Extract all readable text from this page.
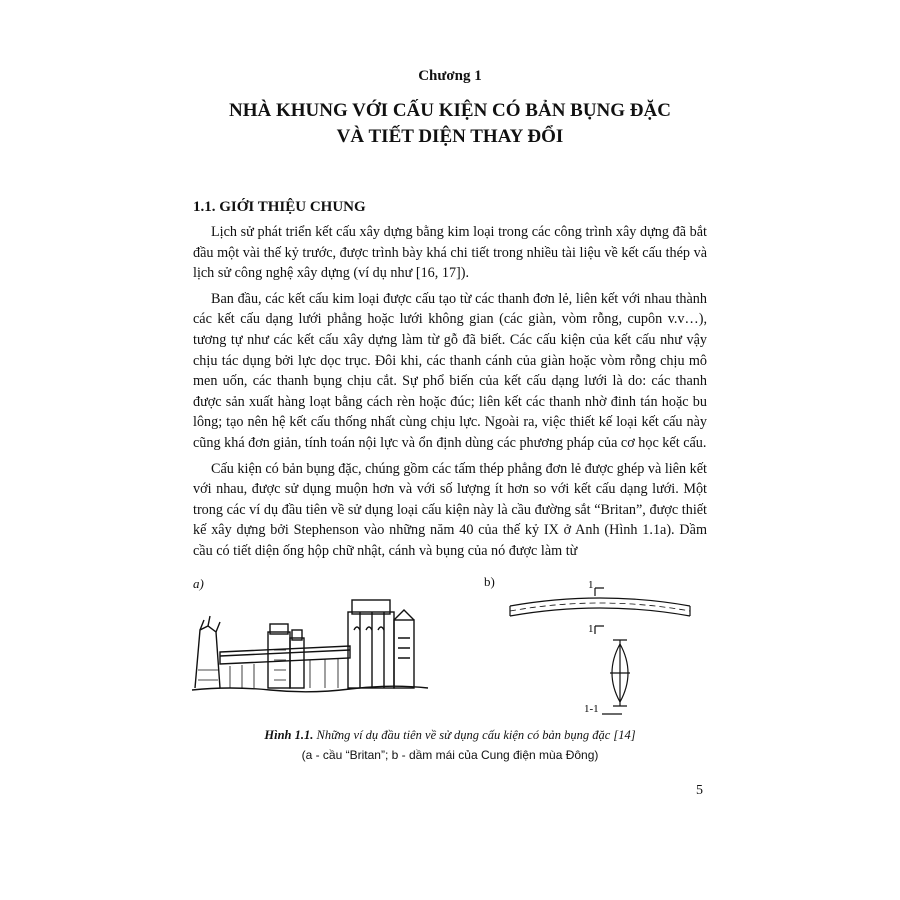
Chương 1
NHÀ KHUNG VỚI CẤU KIỆN CÓ BẢN BỤNG ĐẶC
VÀ TIẾT DIỆN THAY ĐỔI
1.1. GIỚI THIỆU CHUNG

Lịch sử phát triển kết cấu xây dựng bằng kim loại trong các công trình xây dựng đã bắt đầu một vài thế kỷ trước, được trình bày khá chi tiết trong nhiều tài liệu về kết cấu thép và lịch sử công nghệ xây dựng (ví dụ như [16, 17]).

Ban đầu, các kết cấu kim loại được cấu tạo từ các thanh đơn lẻ, liên kết với nhau thành các kết cấu dạng lưới phẳng hoặc lưới không gian (các giàn, vòm rỗng, cupôn v.v…), tương tự như các kết cấu xây dựng làm từ gỗ đã biết. Các cấu kiện của kết cấu như vậy chịu tác dụng bởi lực dọc trục. Đôi khi, các thanh cánh của giàn hoặc vòm rỗng chịu mô men uốn, các thanh bụng chịu cắt. Sự phổ biến của kết cấu dạng lưới là do: các thanh được sản xuất hàng loạt bằng cách rèn hoặc đúc; liên kết các thanh nhờ đinh tán hoặc bu lông; tạo nên hệ kết cấu thống nhất cùng chịu lực. Ngoài ra, việc thiết kế loại kết cấu này cũng khá đơn giản, tính toán nội lực và ổn định dùng các phương pháp của cơ học kết cấu.

Cấu kiện có bản bụng đặc, chúng gồm các tấm thép phẳng đơn lẻ được ghép và liên kết với nhau, được sử dụng muộn hơn và với số lượng ít hơn so với kết cấu dạng lưới. Một trong các ví dụ đầu tiên về sử dụng loại cấu kiện này là cầu đường sắt “Britan”, được thiết kế xây dựng bởi Stephenson vào những năm 40 của thế kỷ IX ở Anh (Hình 1.1a). Dầm cầu có tiết diện ống hộp chữ nhật, cánh và bụng của nó được làm từ

a)	b)	1
1
1-1
Hình 1.1. Những ví dụ đầu tiên về sử dụng cấu kiện có bản bụng đặc [14]
(a - cầu “Britan”; b - dầm mái của Cung điện mùa Đông)
5
